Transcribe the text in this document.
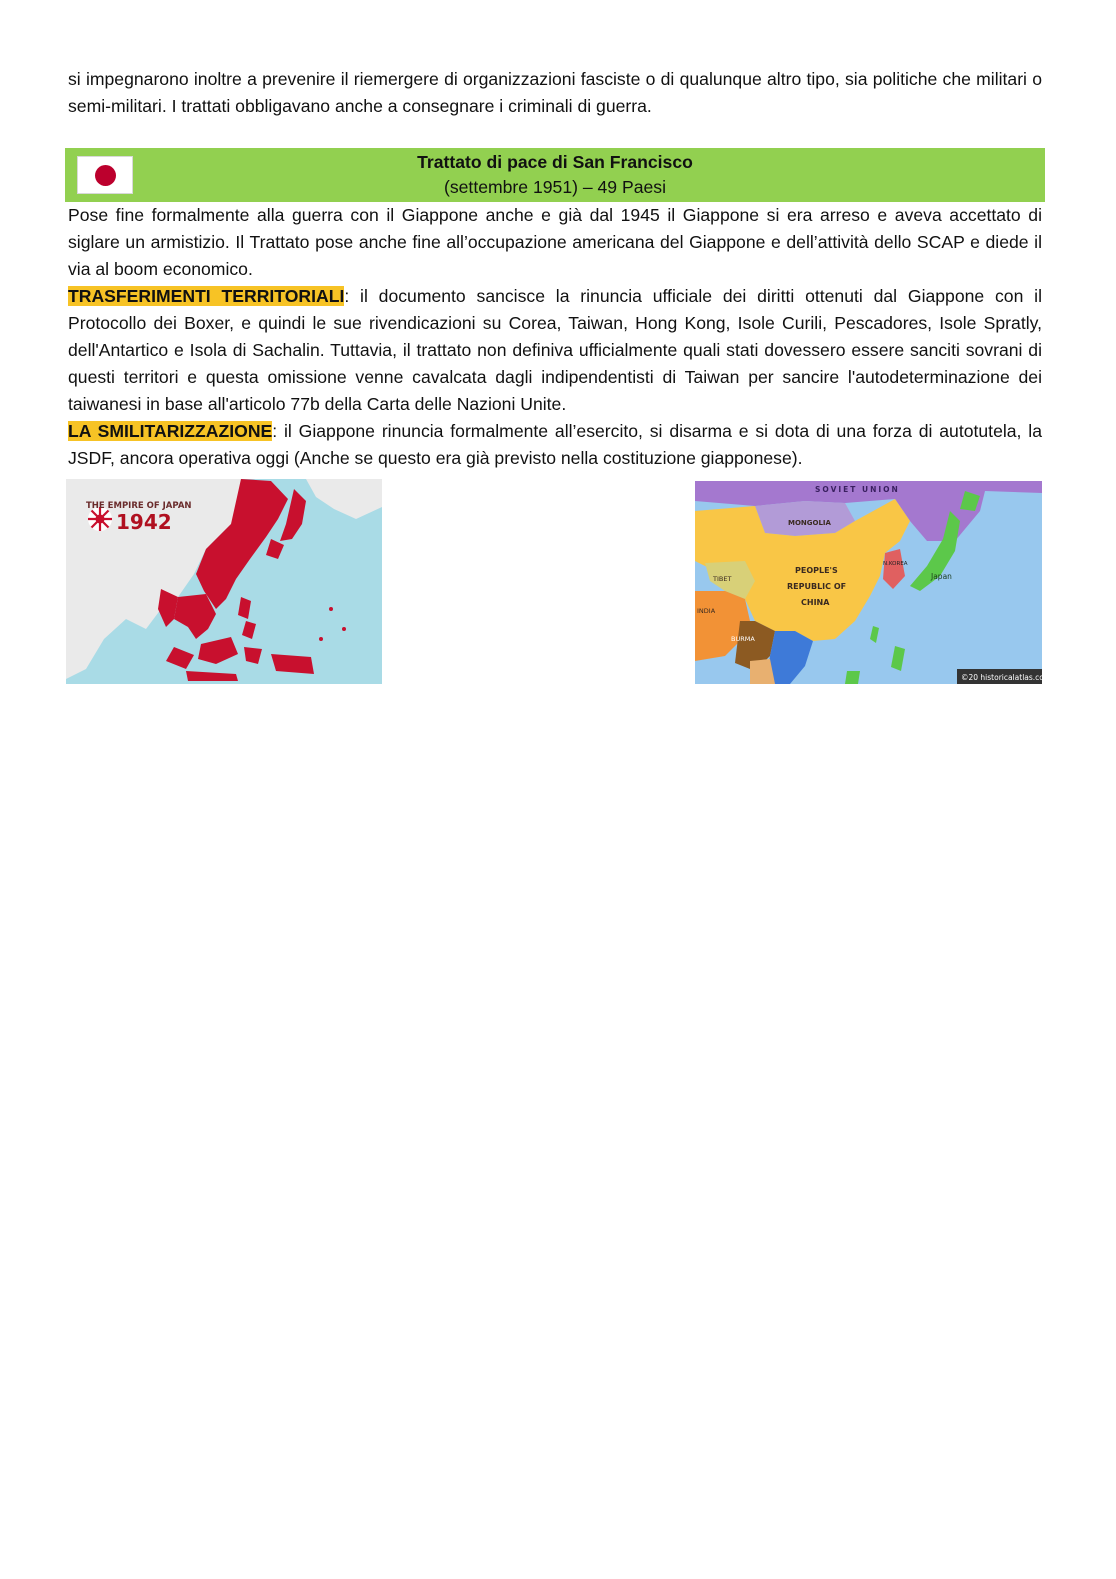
si impegnarono inoltre a prevenire il riemergere di organizzazioni fasciste o di qualunque altro tipo, sia politiche che militari o semi-militari. I trattati obbligavano anche a consegnare i criminali di guerra.

Trattato di pace di San Francisco
(settembre 1951) – 49 Paesi

Pose fine formalmente alla guerra con il Giappone anche e già dal 1945 il Giappone si era arreso e aveva accettato di siglare un armistizio. Il Trattato pose anche fine all’occupazione americana del Giappone e dell’attività dello SCAP e diede il via al boom economico.
TRASFERIMENTI TERRITORIALI: il documento sancisce la rinuncia ufficiale dei diritti ottenuti dal Giappone con il Protocollo dei Boxer, e quindi le sue rivendicazioni su Corea, Taiwan, Hong Kong, Isole Curili, Pescadores, Isole Spratly, dell'Antartico e Isola di Sachalin. Tuttavia, il trattato non definiva ufficialmente quali stati dovessero essere sanciti sovrani di questi territori e questa omissione venne cavalcata dagli indipendentisti di Taiwan per sancire l'autodeterminazione dei taiwanesi in base all'articolo 77b della Carta delle Nazioni Unite.
LA SMILITARIZZAZIONE: il Giappone rinuncia formalmente all’esercito, si disarma e si dota di una forza di autotutela, la JSDF, ancora operativa oggi (Anche se questo era già previsto nella costituzione giapponese).

THE EMPIRE OF JAPAN
1942
SOVIET UNION
MONGOLIA
PEOPLE'S
REPUBLIC OF
CHINA
TIBET
BURMA
INDIA
N.KOREA
Japan
©20 historicalatlas.com
